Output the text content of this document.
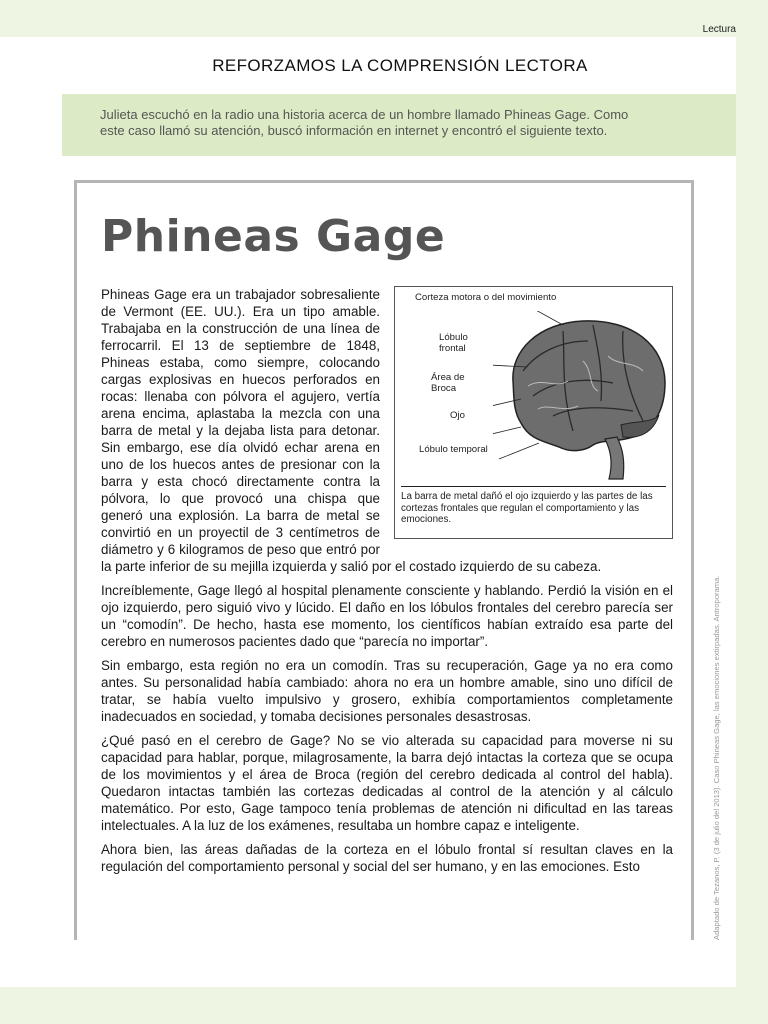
Lectura
REFORZAMOS LA COMPRENSIÓN LECTORA
Julieta escuchó en la radio una historia acerca de un hombre llamado Phineas Gage. Como
este caso llamó su atención, buscó información en internet y encontró el siguiente texto.
Phineas Gage
Corteza motora o del movimiento
Lóbulo
frontal
Área de
Broca
Ojo
Lóbulo temporal
La barra de metal dañó el ojo izquierdo y las partes de las cortezas frontales que regulan el comportamiento y las emociones.

Phineas Gage era un trabajador sobresaliente de Vermont (EE. UU.). Era un tipo amable. Trabajaba en la construcción de una línea de ferrocarril. El 13 de septiembre de 1848, Phineas estaba, como siempre, colocando cargas explosivas en huecos perforados en rocas: llenaba con pólvora el agujero, vertía arena encima, aplastaba la mezcla con una barra de metal y la dejaba lista para detonar. Sin embargo, ese día olvidó echar arena en uno de los huecos antes de presionar con la barra y esta chocó directamente contra la pólvora, lo que provocó una chispa que generó una explosión. La barra de metal se convirtió en un proyectil de 3 centímetros de diámetro y 6 kilogramos de peso que entró por la parte inferior de su mejilla izquierda y salió por el costado izquierdo de su cabeza.

Increíblemente, Gage llegó al hospital plenamente consciente y hablando. Perdió la visión en el ojo izquierdo, pero siguió vivo y lúcido. El daño en los lóbulos frontales del cerebro parecía ser un “comodín”. De hecho, hasta ese momento, los científicos habían extraído esa parte del cerebro en numerosos pacientes dado que “parecía no importar”.

Sin embargo, esta región no era un comodín. Tras su recuperación, Gage ya no era como antes. Su personalidad había cambiado: ahora no era un hombre amable, sino uno difícil de tratar, se había vuelto impulsivo y grosero, exhibía comportamientos completamente inadecuados en sociedad, y tomaba decisiones personales desastrosas.

¿Qué pasó en el cerebro de Gage? No se vio alterada su capacidad para moverse ni su capacidad para hablar, porque, milagrosamente, la barra dejó intactas la corteza que se ocupa de los movimientos y el área de Broca (región del cerebro dedicada al control del habla). Quedaron intactas también las cortezas dedicadas al control de la atención y al cálculo matemático. Por esto, Gage tampoco tenía problemas de atención ni dificultad en las tareas intelectuales. A la luz de los exámenes, resultaba un hombre capaz e inteligente.

Ahora bien, las áreas dañadas de la corteza en el lóbulo frontal sí resultan claves en la regulación del comportamiento personal y social del ser humano, y en las emociones. Esto	Adaptado de Tezanos, P. (3 de julio del 2013). Caso Phineas Gage, las emociones extirpadas. Antroporama.
